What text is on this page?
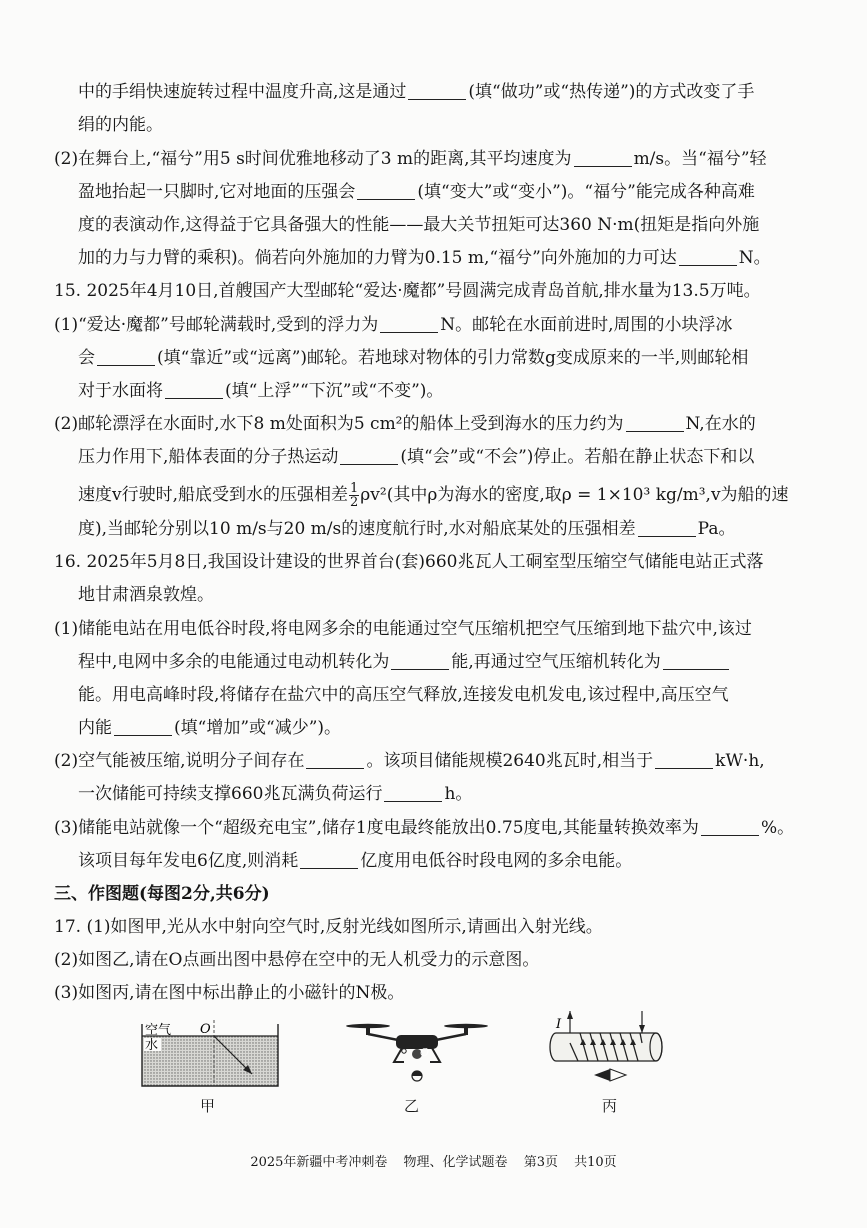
中的手绢快速旋转过程中温度升高,这是通过	(填“做功”或“热传递”)的方式改变了手
绢的内能。
(2)在舞台上,“福兮”用5 s时间优雅地移动了3 m的距离,其平均速度为	m/s。当“福兮”轻
盈地抬起一只脚时,它对地面的压强会	(填“变大”或“变小”)。“福兮”能完成各种高难
度的表演动作,这得益于它具备强大的性能——最大关节扭矩可达360 N·m(扭矩是指向外施
加的力与力臂的乘积)。倘若向外施加的力臂为0.15 m,“福兮”向外施加的力可达	N。
15. 2025年4月10日,首艘国产大型邮轮“爱达·魔都”号圆满完成青岛首航,排水量为13.5万吨。
(1)“爱达·魔都”号邮轮满载时,受到的浮力为	N。邮轮在水面前进时,周围的小块浮冰
会	(填“靠近”或“远离”)邮轮。若地球对物体的引力常数g变成原来的一半,则邮轮相
对于水面将	(填“上浮”“下沉”或“不变”)。
(2)邮轮漂浮在水面时,水下8 m处面积为5 cm²的船体上受到海水的压力约为	N,在水的
压力作用下,船体表面的分子热运动	(填“会”或“不会”)停止。若船在静止状态下和以
速度v行驶时,船底受到水的压强相差 $\frac{1}{2} \rho v^2$(其中ρ为海水的密度,取ρ = 1×10³ kg/m³,v为船的速
度),当邮轮分别以10 m/s与20 m/s的速度航行时,水对船底某处的压强相差	Pa。
16. 2025年5月8日,我国设计建设的世界首台(套)660兆瓦人工硐室型压缩空气储能电站正式落
地甘肃酒泉敦煌。
(1)储能电站在用电低谷时段,将电网多余的电能通过空气压缩机把空气压缩到地下盐穴中,该过
程中,电网中多余的电能通过电动机转化为	能,再通过空气压缩机转化为
能。用电高峰时段,将储存在盐穴中的高压空气释放,连接发电机发电,该过程中,高压空气
内能	(填“增加”或“减少”)。
(2)空气能被压缩,说明分子间存在	。该项目储能规模2640兆瓦时,相当于	kW·h,
一次储能可持续支撑660兆瓦满负荷运行	h。
(3)储能电站就像一个“超级充电宝”,储存1度电最终能放出0.75度电,其能量转换效率为	%。
该项目每年发电6亿度,则消耗	亿度用电低谷时段电网的多余电能。
三、作图题(每图2分,共6分)
17. (1)如图甲,光从水中射向空气时,反射光线如图所示,请画出入射光线。
(2)如图乙,请在O点画出图中悬停在空中的无人机受力的示意图。
(3)如图丙,请在图中标出静止的小磁针的N极。
空气
水
O
甲
O
乙
I
丙
2025年新疆中考冲刺卷 物理、化学试题卷 第3页 共10页
